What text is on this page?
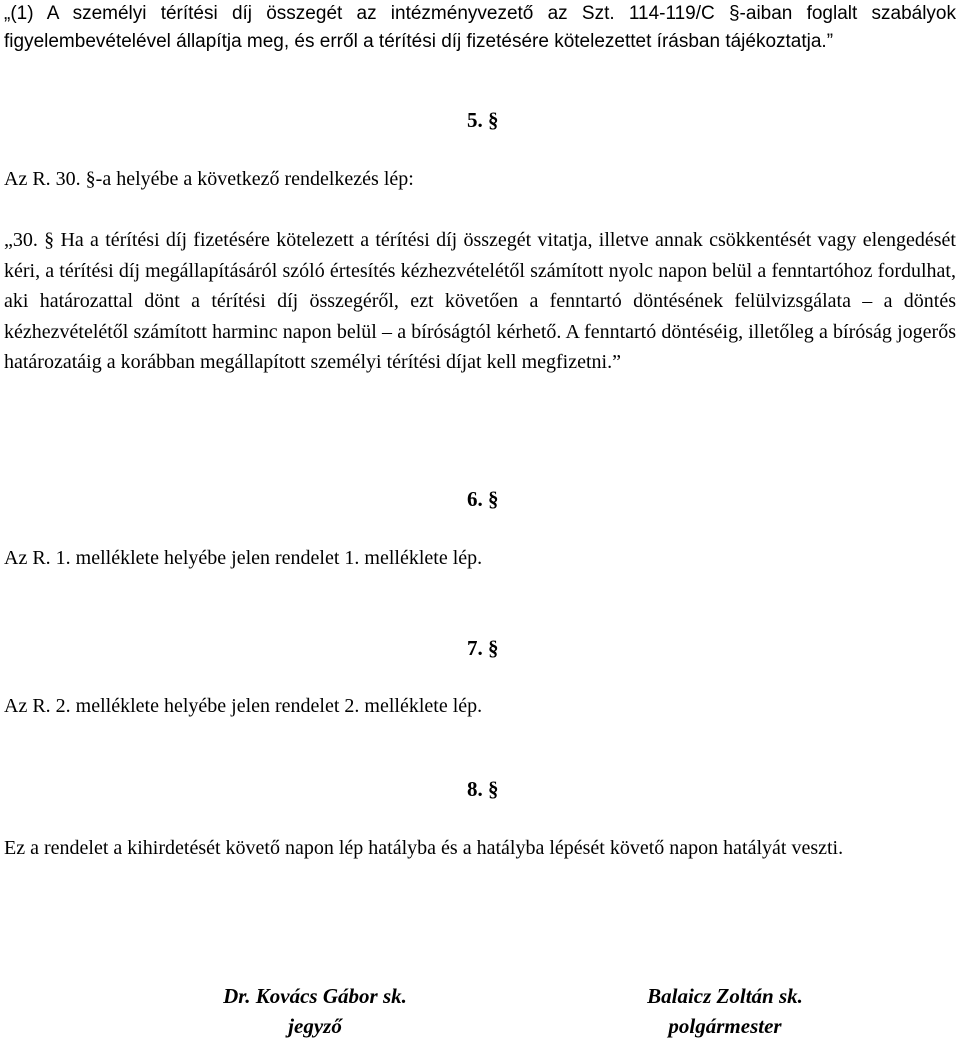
„(1) A személyi térítési díj összegét az intézményvezető az Szt. 114-119/C §-aiban foglalt szabályok figyelembevételével állapítja meg, és erről a térítési díj fizetésére kötelezettet írásban tájékoztatja.”
5. §
Az R. 30. §-a helyébe a következő rendelkezés lép:
„30. § Ha a térítési díj fizetésére kötelezett a térítési díj összegét vitatja, illetve annak csökkentését vagy elengedését kéri, a térítési díj megállapításáról szóló értesítés kézhezvételétől számított nyolc napon belül a fenntartóhoz fordulhat, aki határozattal dönt a térítési díj összegéről, ezt követően a fenntartó döntésének felülvizsgálata – a döntés kézhezvételétől számított harminc napon belül – a bíróságtól kérhető. A fenntartó döntéséig, illetőleg a bíróság jogerős határozatáig a korábban megállapított személyi térítési díjat kell megfizetni.”
6. §
Az R. 1. melléklete helyébe jelen rendelet 1. melléklete lép.
7. §
Az R. 2. melléklete helyébe jelen rendelet 2. melléklete lép.
8. §
Ez a rendelet a kihirdetését követő napon lép hatályba és a hatályba lépését követő napon hatályát veszti.
Dr. Kovács Gábor sk.
jegyző
Balaicz Zoltán sk.
polgármester
